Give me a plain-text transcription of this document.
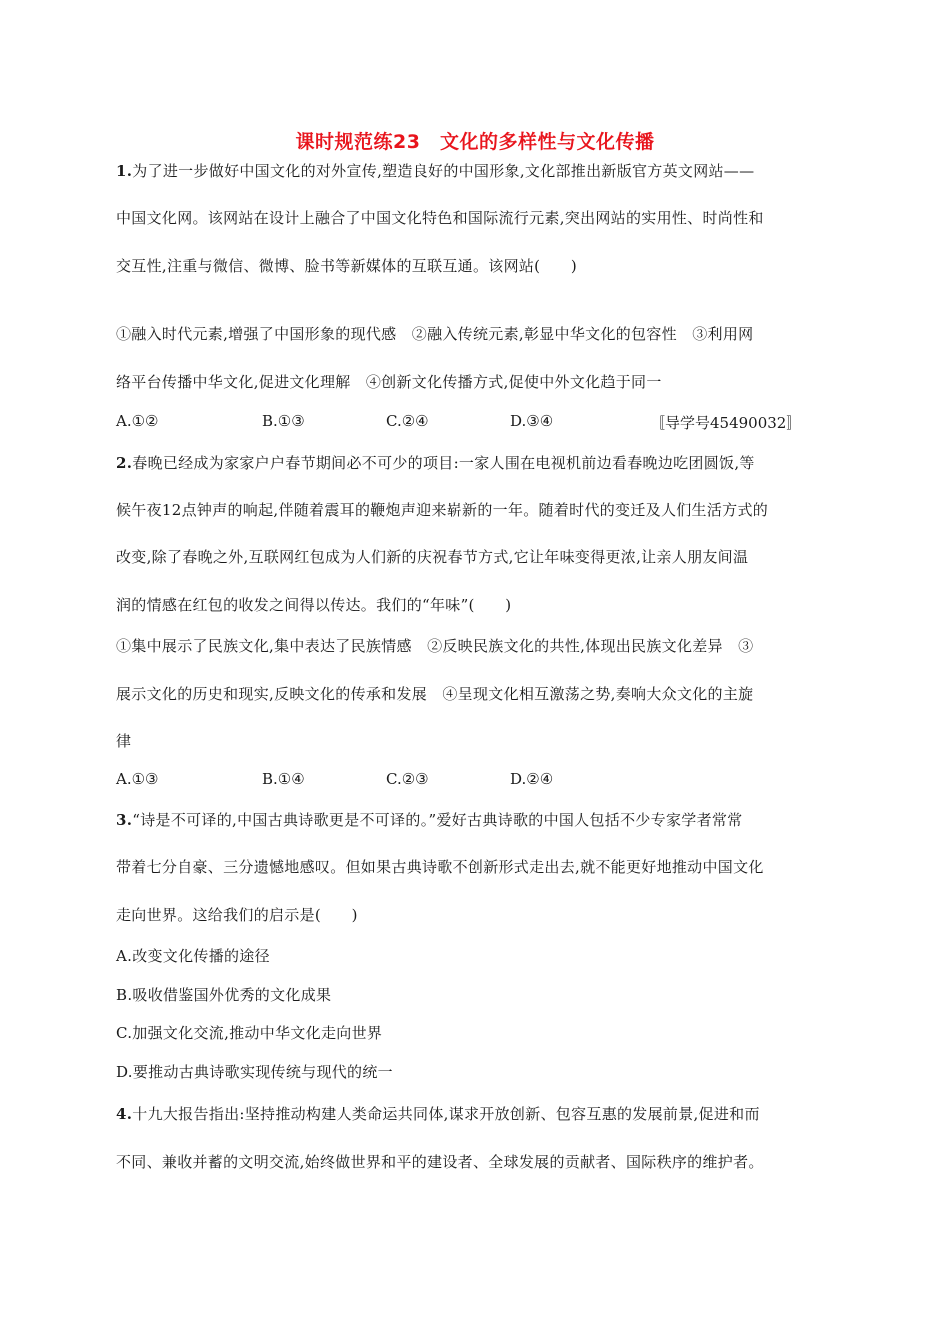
课时规范练23　文化的多样性与文化传播
1.为了进一步做好中国文化的对外宣传,塑造良好的中国形象,文化部推出新版官方英文网站——
中国文化网。该网站在设计上融合了中国文化特色和国际流行元素,突出网站的实用性、时尚性和
交互性,注重与微信、微博、脸书等新媒体的互联互通。该网站(　　)
①融入时代元素,增强了中国形象的现代感　②融入传统元素,彰显中华文化的包容性　③利用网
络平台传播中华文化,促进文化理解　④创新文化传播方式,促使中外文化趋于同一
A.①②	B.①③	C.②④	D.③④	〚导学号45490032〛
2.春晚已经成为家家户户春节期间必不可少的项目:一家人围在电视机前边看春晚边吃团圆饭,等
候午夜12点钟声的响起,伴随着震耳的鞭炮声迎来崭新的一年。随着时代的变迁及人们生活方式的
改变,除了春晚之外,互联网红包成为人们新的庆祝春节方式,它让年味变得更浓,让亲人朋友间温
润的情感在红包的收发之间得以传达。我们的“年味”(　　)
①集中展示了民族文化,集中表达了民族情感　②反映民族文化的共性,体现出民族文化差异　③
展示文化的历史和现实,反映文化的传承和发展　④呈现文化相互激荡之势,奏响大众文化的主旋
律
A.①③	B.①④	C.②③	D.②④
3.“诗是不可译的,中国古典诗歌更是不可译的。”爱好古典诗歌的中国人包括不少专家学者常常
带着七分自豪、三分遗憾地感叹。但如果古典诗歌不创新形式走出去,就不能更好地推动中国文化
走向世界。这给我们的启示是(　　)
A.改变文化传播的途径
B.吸收借鉴国外优秀的文化成果
C.加强文化交流,推动中华文化走向世界
D.要推动古典诗歌实现传统与现代的统一
4.十九大报告指出:坚持推动构建人类命运共同体,谋求开放创新、包容互惠的发展前景,促进和而
不同、兼收并蓄的文明交流,始终做世界和平的建设者、全球发展的贡献者、国际秩序的维护者。
